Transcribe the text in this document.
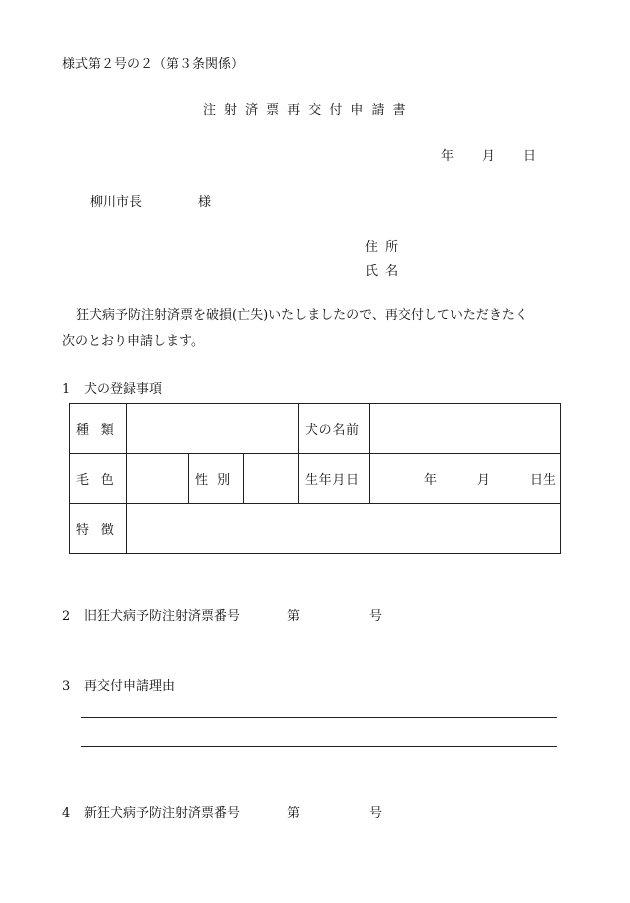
様式第２号の２（第３条関係）
注射済票再交付申請書
年 月 日
柳川市長	様
住所
氏名
狂犬病予防注射済票を破損(亡失)いたしましたので、再交付していただきたく
次のとおり申請します。
1 犬の登録事項
種類				犬の名前	
毛色		性別		生年月日	年 月 日生

特徴					
2 旧狂犬病予防注射済票番号	第	号
3 再交付申請理由
4 新狂犬病予防注射済票番号	第	号
